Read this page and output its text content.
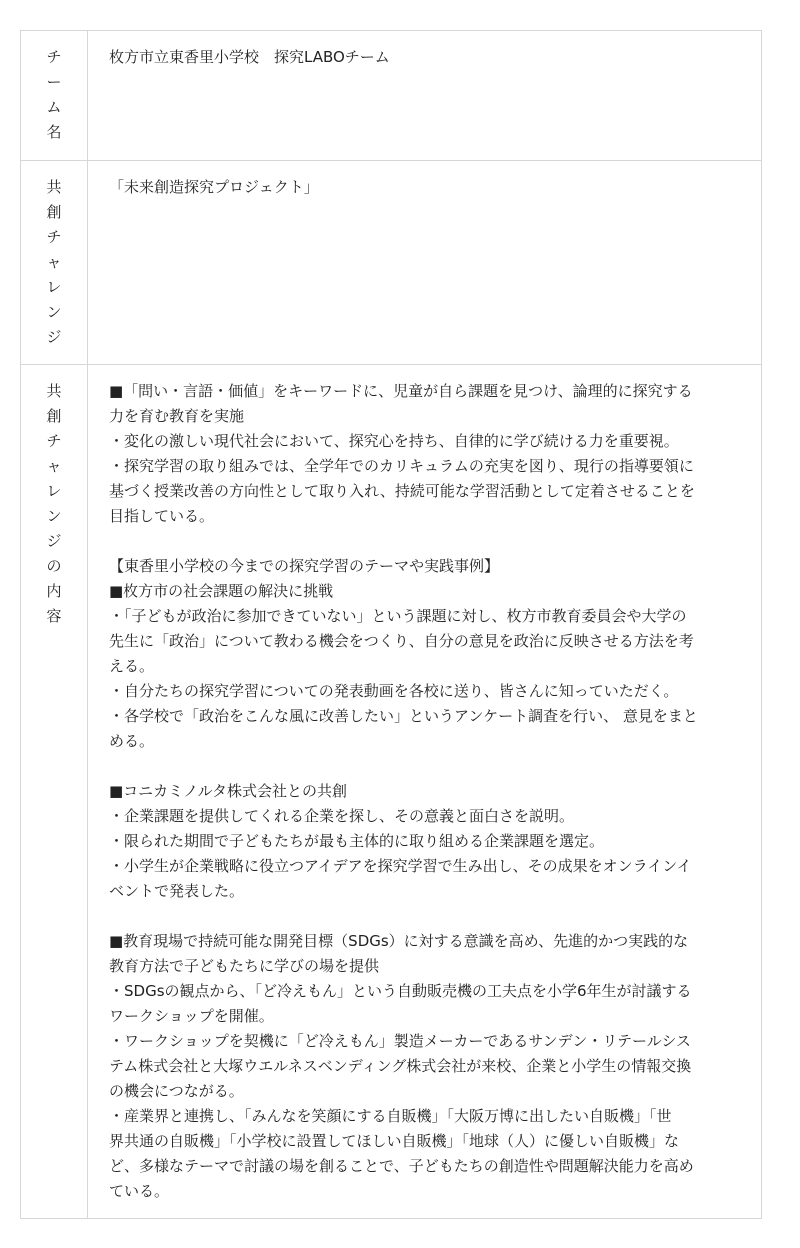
チ
ー
ム
名
枚方市立東香里小学校　探究LABOチーム
共
創
チ
ャ
レ
ン
ジ
「未来創造探究プロジェクト」
共
創
チ
ャ
レ
ン
ジ
の
内
容
■「問い・言語・価値」をキーワードに、児童が自ら課題を見つけ、論理的に探究する
力を育む教育を実施
・変化の激しい現代社会において、探究心を持ち、自律的に学び続ける力を重要視。
・探究学習の取り組みでは、全学年でのカリキュラムの充実を図り、現行の指導要領に
基づく授業改善の方向性として取り入れ、持続可能な学習活動として定着させることを
目指している。
【東香里小学校の今までの探究学習のテーマや実践事例】
■枚方市の社会課題の解決に挑戦
・「子どもが政治に参加できていない」という課題に対し、枚方市教育委員会や大学の
先生に「政治」について教わる機会をつくり、自分の意見を政治に反映させる方法を考
える。
・自分たちの探究学習についての発表動画を各校に送り、皆さんに知っていただく。
・各学校で「政治をこんな風に改善したい」というアンケート調査を行い、 意見をまと
める。
■コニカミノルタ株式会社との共創
・企業課題を提供してくれる企業を探し、その意義と面白さを説明。
・限られた期間で子どもたちが最も主体的に取り組める企業課題を選定。
・小学生が企業戦略に役立つアイデアを探究学習で生み出し、その成果をオンラインイ
ベントで発表した。
■教育現場で持続可能な開発目標（SDGs）に対する意識を高め、先進的かつ実践的な
教育方法で子どもたちに学びの場を提供
・SDGsの観点から、「ど冷えもん」という自動販売機の工夫点を小学6年生が討議する
ワークショップを開催。
・ワークショップを契機に「ど冷えもん」製造メーカーであるサンデン・リテールシス
テム株式会社と大塚ウエルネスベンディング株式会社が来校、企業と小学生の情報交換
の機会につながる。
・産業界と連携し、「みんなを笑顔にする自販機」「大阪万博に出したい自販機」「世
界共通の自販機」「小学校に設置してほしい自販機」「地球（人）に優しい自販機」な
ど、多様なテーマで討議の場を創ることで、子どもたちの創造性や問題解決能力を高め
ている。
